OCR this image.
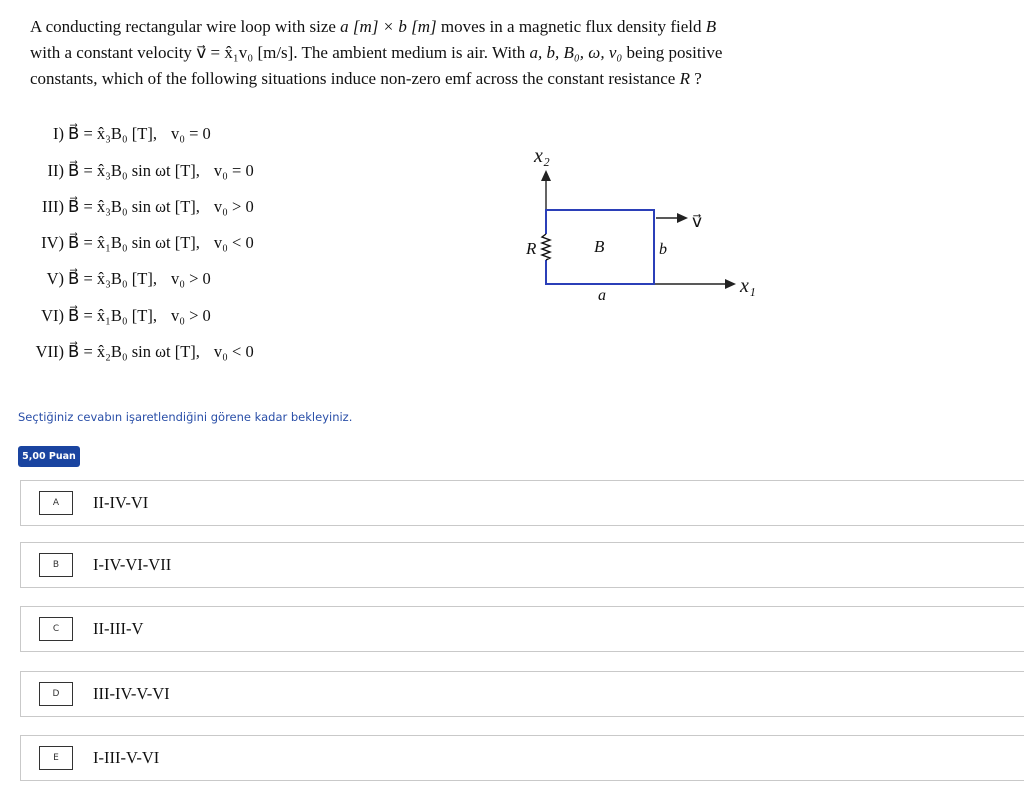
A conducting rectangular wire loop with size a [m] × b [m] moves in a magnetic flux density field B⃗

with a constant velocity v⃗ = x̂₁v₀ [m/s]. The ambient medium is air. With a, b, B₀, ω, v₀ being positive

constants, which of the following situations induce non-zero emf across the constant resistance R ?

I) B⃗ = x̂₃B₀ [T], v₀ = 0
II) B⃗ = x̂₃B₀ sin ωt [T], v₀ = 0
III) B⃗ = x̂₃B₀ sin ωt [T], v₀ > 0
IV) B⃗ = x̂₁B₀ sin ωt [T], v₀ < 0
V) B⃗ = x̂₃B₀ [T], v₀ > 0
VI) B⃗ = x̂₁B₀ [T], v₀ > 0
VII) B⃗ = x̂₂B₀ sin ωt [T], v₀ < 0
x₂
x₁
R	B⃗	b
a
v⃗
Seçtiğiniz cevabın işaretlendiğini görene kadar bekleyiniz.
5,00 Puan
A	II-IV-VI
B	I-IV-VI-VII
C	II-III-V
D	III-IV-V-VI
E	I-III-V-VI
